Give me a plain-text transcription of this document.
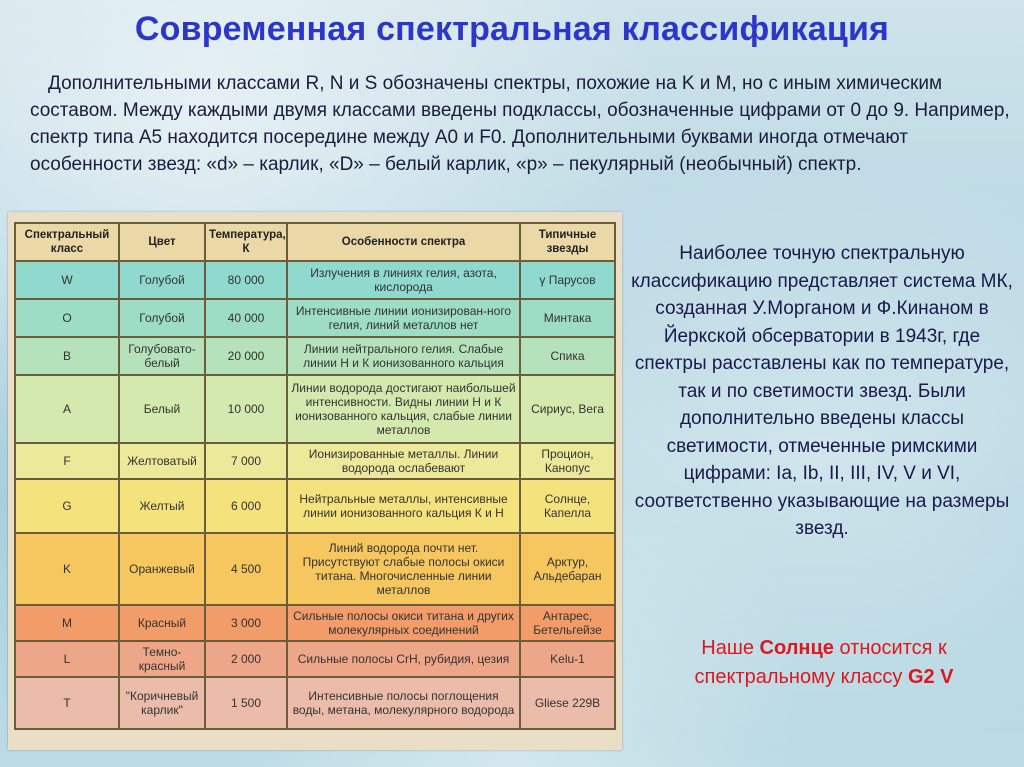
Современная спектральная классификация
Дополнительными классами R, N и S обозначены спектры, похожие на K и M, но с иным химическим составом. Между каждыми двумя классами введены подклассы, обозначенные цифрами от 0 до 9. Например, спектр типа A5 находится посередине между A0 и F0. Дополнительными буквами иногда отмечают особенности звезд: «d» – карлик, «D» – белый карлик, «p» – пекулярный (необычный) спектр.
Спектральный класс	Цвет	Температура, К	Особенности спектра	Типичные звезды
W	Голубой	80 000	Излучения в линиях гелия, азота, кислорода	γ Парусов
O	Голубой	40 000	Интенсивные линии ионизирован-ного гелия, линий металлов нет	Минтака
B	Голубовато-белый	20 000	Линии нейтрального гелия. Слабые линии Н и К ионизованного кальция	Спика
A	Белый	10 000	Линии водорода достигают наибольшей интенсивности. Видны линии Н и К ионизованного кальция, слабые линии металлов	Сириус, Вега
F	Желтоватый	7 000	Ионизированные металлы. Линии водорода ослабевают	Процион, Канопус
G	Желтый	6 000	Нейтральные металлы, интенсивные линии ионизованного кальция К и Н	Солнце, Капелла
K	Оранжевый	4 500	Линий водорода почти нет. Присутствуют слабые полосы окиси титана. Многочисленные линии металлов	Арктур, Альдебаран
M	Красный	3 000	Сильные полосы окиси титана и других молекулярных соединений	Антарес, Бетельгейзе
L	Темно-красный	2 000	Сильные полосы CrH, рубидия, цезия	Kelu-1
T	"Коричневый карлик"	1 500	Интенсивные полосы поглощения воды, метана, молекулярного водорода	Gliese 229B
Наиболее точную спектральную классификацию представляет система МК, созданная У.Морганом и Ф.Кинаном в Йеркской обсерватории в 1943г, где спектры расставлены как по температуре, так и по светимости звезд. Были дополнительно введены классы светимости, отмеченные римскими цифрами: Ia, Ib, II, III, IV, V и VI, соответственно указывающие на размеры звезд.
Наше Солнце относится к спектральному классу G2 V
